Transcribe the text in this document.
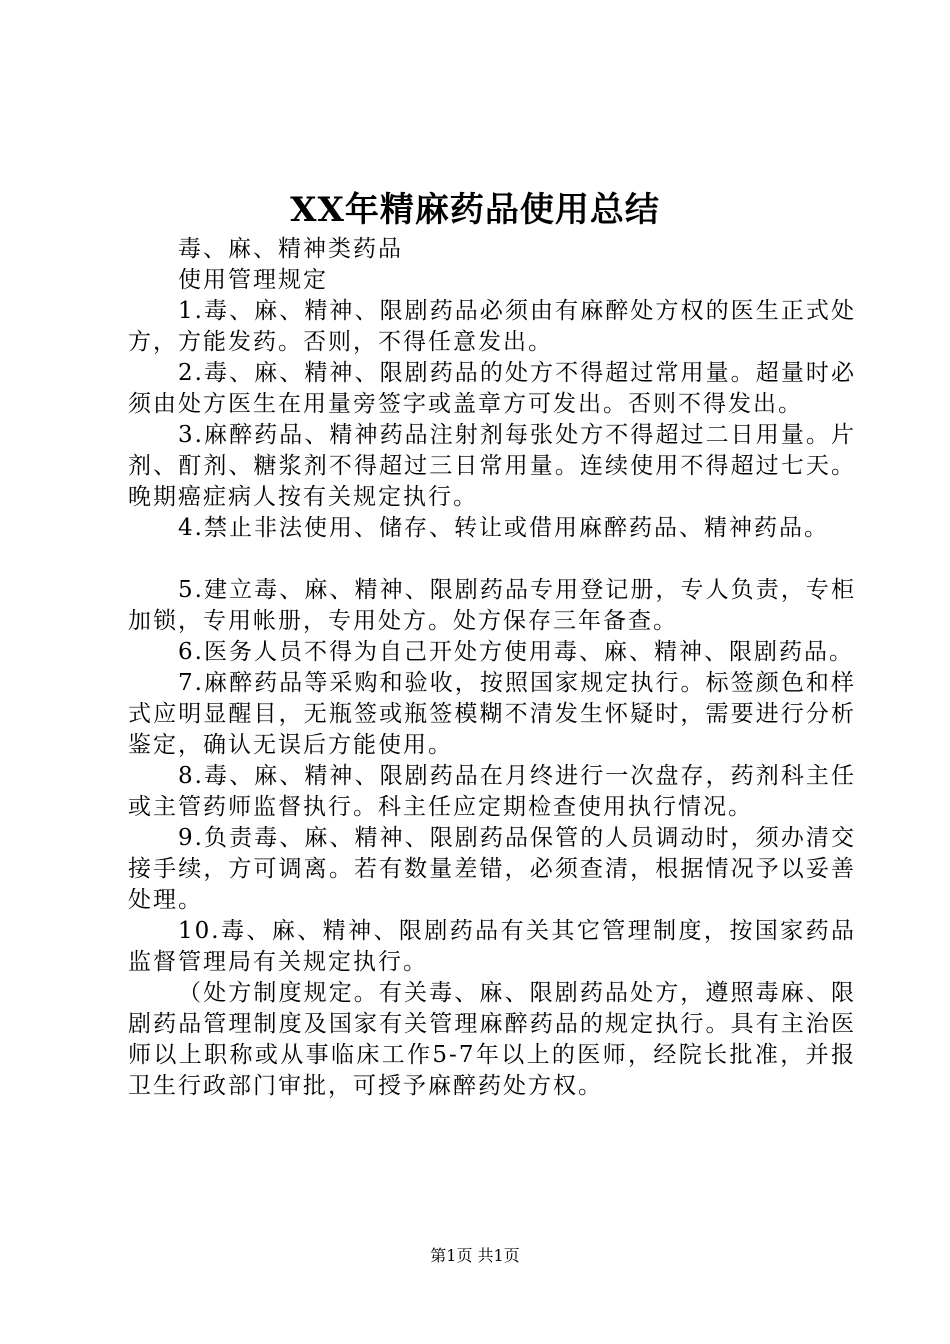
XX年精麻药品使用总结

毒、麻、精神类药品

使用管理规定

1.毒、麻、精神、限剧药品必须由有麻醉处方权的医生正式处方，方能发药。否则，不得任意发出。

2.毒、麻、精神、限剧药品的处方不得超过常用量。超量时必须由处方医生在用量旁签字或盖章方可发出。否则不得发出。

3.麻醉药品、精神药品注射剂每张处方不得超过二日用量。片剂、酊剂、糖浆剂不得超过三日常用量。连续使用不得超过七天。晚期癌症病人按有关规定执行。

4.禁止非法使用、储存、转让或借用麻醉药品、精神药品。

5.建立毒、麻、精神、限剧药品专用登记册，专人负责，专柜加锁，专用帐册，专用处方。处方保存三年备查。

6.医务人员不得为自己开处方使用毒、麻、精神、限剧药品。

7.麻醉药品等采购和验收，按照国家规定执行。标签颜色和样式应明显醒目，无瓶签或瓶签模糊不清发生怀疑时，需要进行分析鉴定，确认无误后方能使用。

8.毒、麻、精神、限剧药品在月终进行一次盘存，药剂科主任或主管药师监督执行。科主任应定期检查使用执行情况。

9.负责毒、麻、精神、限剧药品保管的人员调动时，须办清交接手续，方可调离。若有数量差错，必须查清，根据情况予以妥善处理。

10.毒、麻、精神、限剧药品有关其它管理制度，按国家药品监督管理局有关规定执行。

（处方制度规定。有关毒、麻、限剧药品处方，遵照毒麻、限剧药品管理制度及国家有关管理麻醉药品的规定执行。具有主治医师以上职称或从事临床工作5-7年以上的医师，经院长批准，并报卫生行政部门审批，可授予麻醉药处方权。

第1页 共1页
